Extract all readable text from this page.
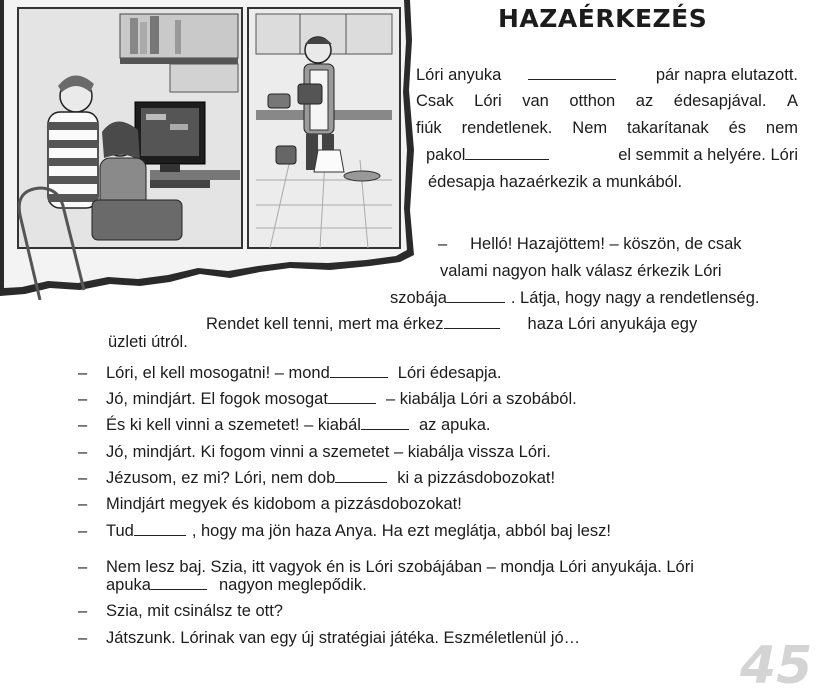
HAZAÉRKEZÉS
Lóri anyuka	pár napra elutazott.
Csak Lóri van otthon az édesapjával. A
fiúk rendetlenek. Nem takarítanak és nem
pakol	el semmit a helyére. Lóri
édesapja hazaérkezik a munkából.
–     Helló! Hazajöttem! – köszön, de csak
valami nagyon halk válasz érkezik Lóri
szobája	. Látja, hogy nagy a rendetlenség.
Rendet kell tenni, mert ma érkez	haza Lóri anyukája egy
üzleti útról.
– Lóri, el kell mosogatni! – mond	Lóri édesapja.
– Jó, mindjárt. El fogok mosogat	– kiabálja Lóri a szobából.
– És ki kell vinni a szemetet! – kiabál	az apuka.
– Jó, mindjárt. Ki fogom vinni a szemetet – kiabálja vissza Lóri.
– Jézusom, ez mi? Lóri, nem dob	ki a pizzásdobozokat!
– Mindjárt megyek és kidobom a pizzásdobozokat!
– Tud	, hogy ma jön haza Anya. Ha ezt meglátja, abból baj lesz!
– Nem lesz baj. Szia, itt vagyok én is Lóri szobájában – mondja Lóri anyukája. Lóri
apuka	nagyon meglepődik.
– Szia, mit csinálsz te ott?
– Játszunk. Lórinak van egy új stratégiai játéka. Eszméletlenül jó…	45
